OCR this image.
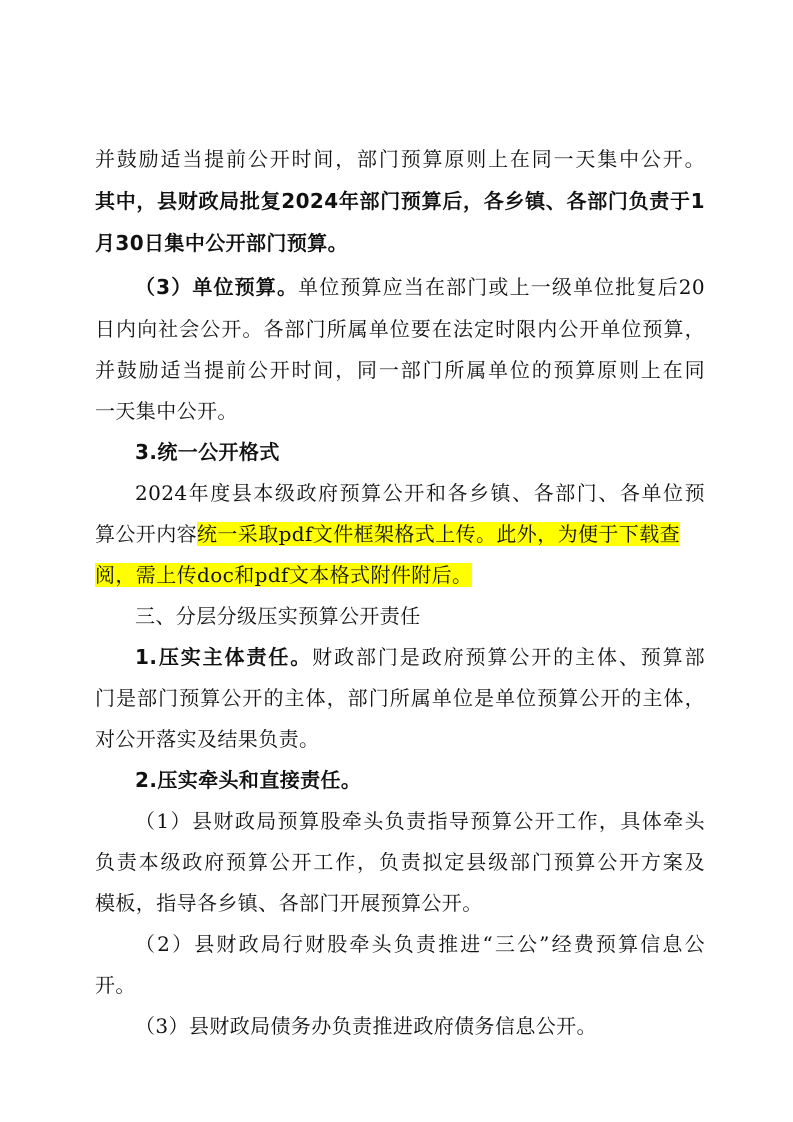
并鼓励适当提前公开时间，部门预算原则上在同一天集中公开。
其中，县财政局批复2024年部门预算后，各乡镇、各部门负责于1
月30日集中公开部门预算。
（3）单位预算。单位预算应当在部门或上一级单位批复后20
日内向社会公开。各部门所属单位要在法定时限内公开单位预算，
并鼓励适当提前公开时间，同一部门所属单位的预算原则上在同
一天集中公开。
3.统一公开格式
2024年度县本级政府预算公开和各乡镇、各部门、各单位预
算公开内容统一采取pdf文件框架格式上传。此外，为便于下载查
阅，需上传doc和pdf文本格式附件附后。
三、分层分级压实预算公开责任
1.压实主体责任。财政部门是政府预算公开的主体、预算部
门是部门预算公开的主体，部门所属单位是单位预算公开的主体，
对公开落实及结果负责。
2.压实牵头和直接责任。
（1）县财政局预算股牵头负责指导预算公开工作，具体牵头
负责本级政府预算公开工作，负责拟定县级部门预算公开方案及
模板，指导各乡镇、各部门开展预算公开。
（2）县财政局行财股牵头负责推进“三公”经费预算信息公
开。
（3）县财政局债务办负责推进政府债务信息公开。
